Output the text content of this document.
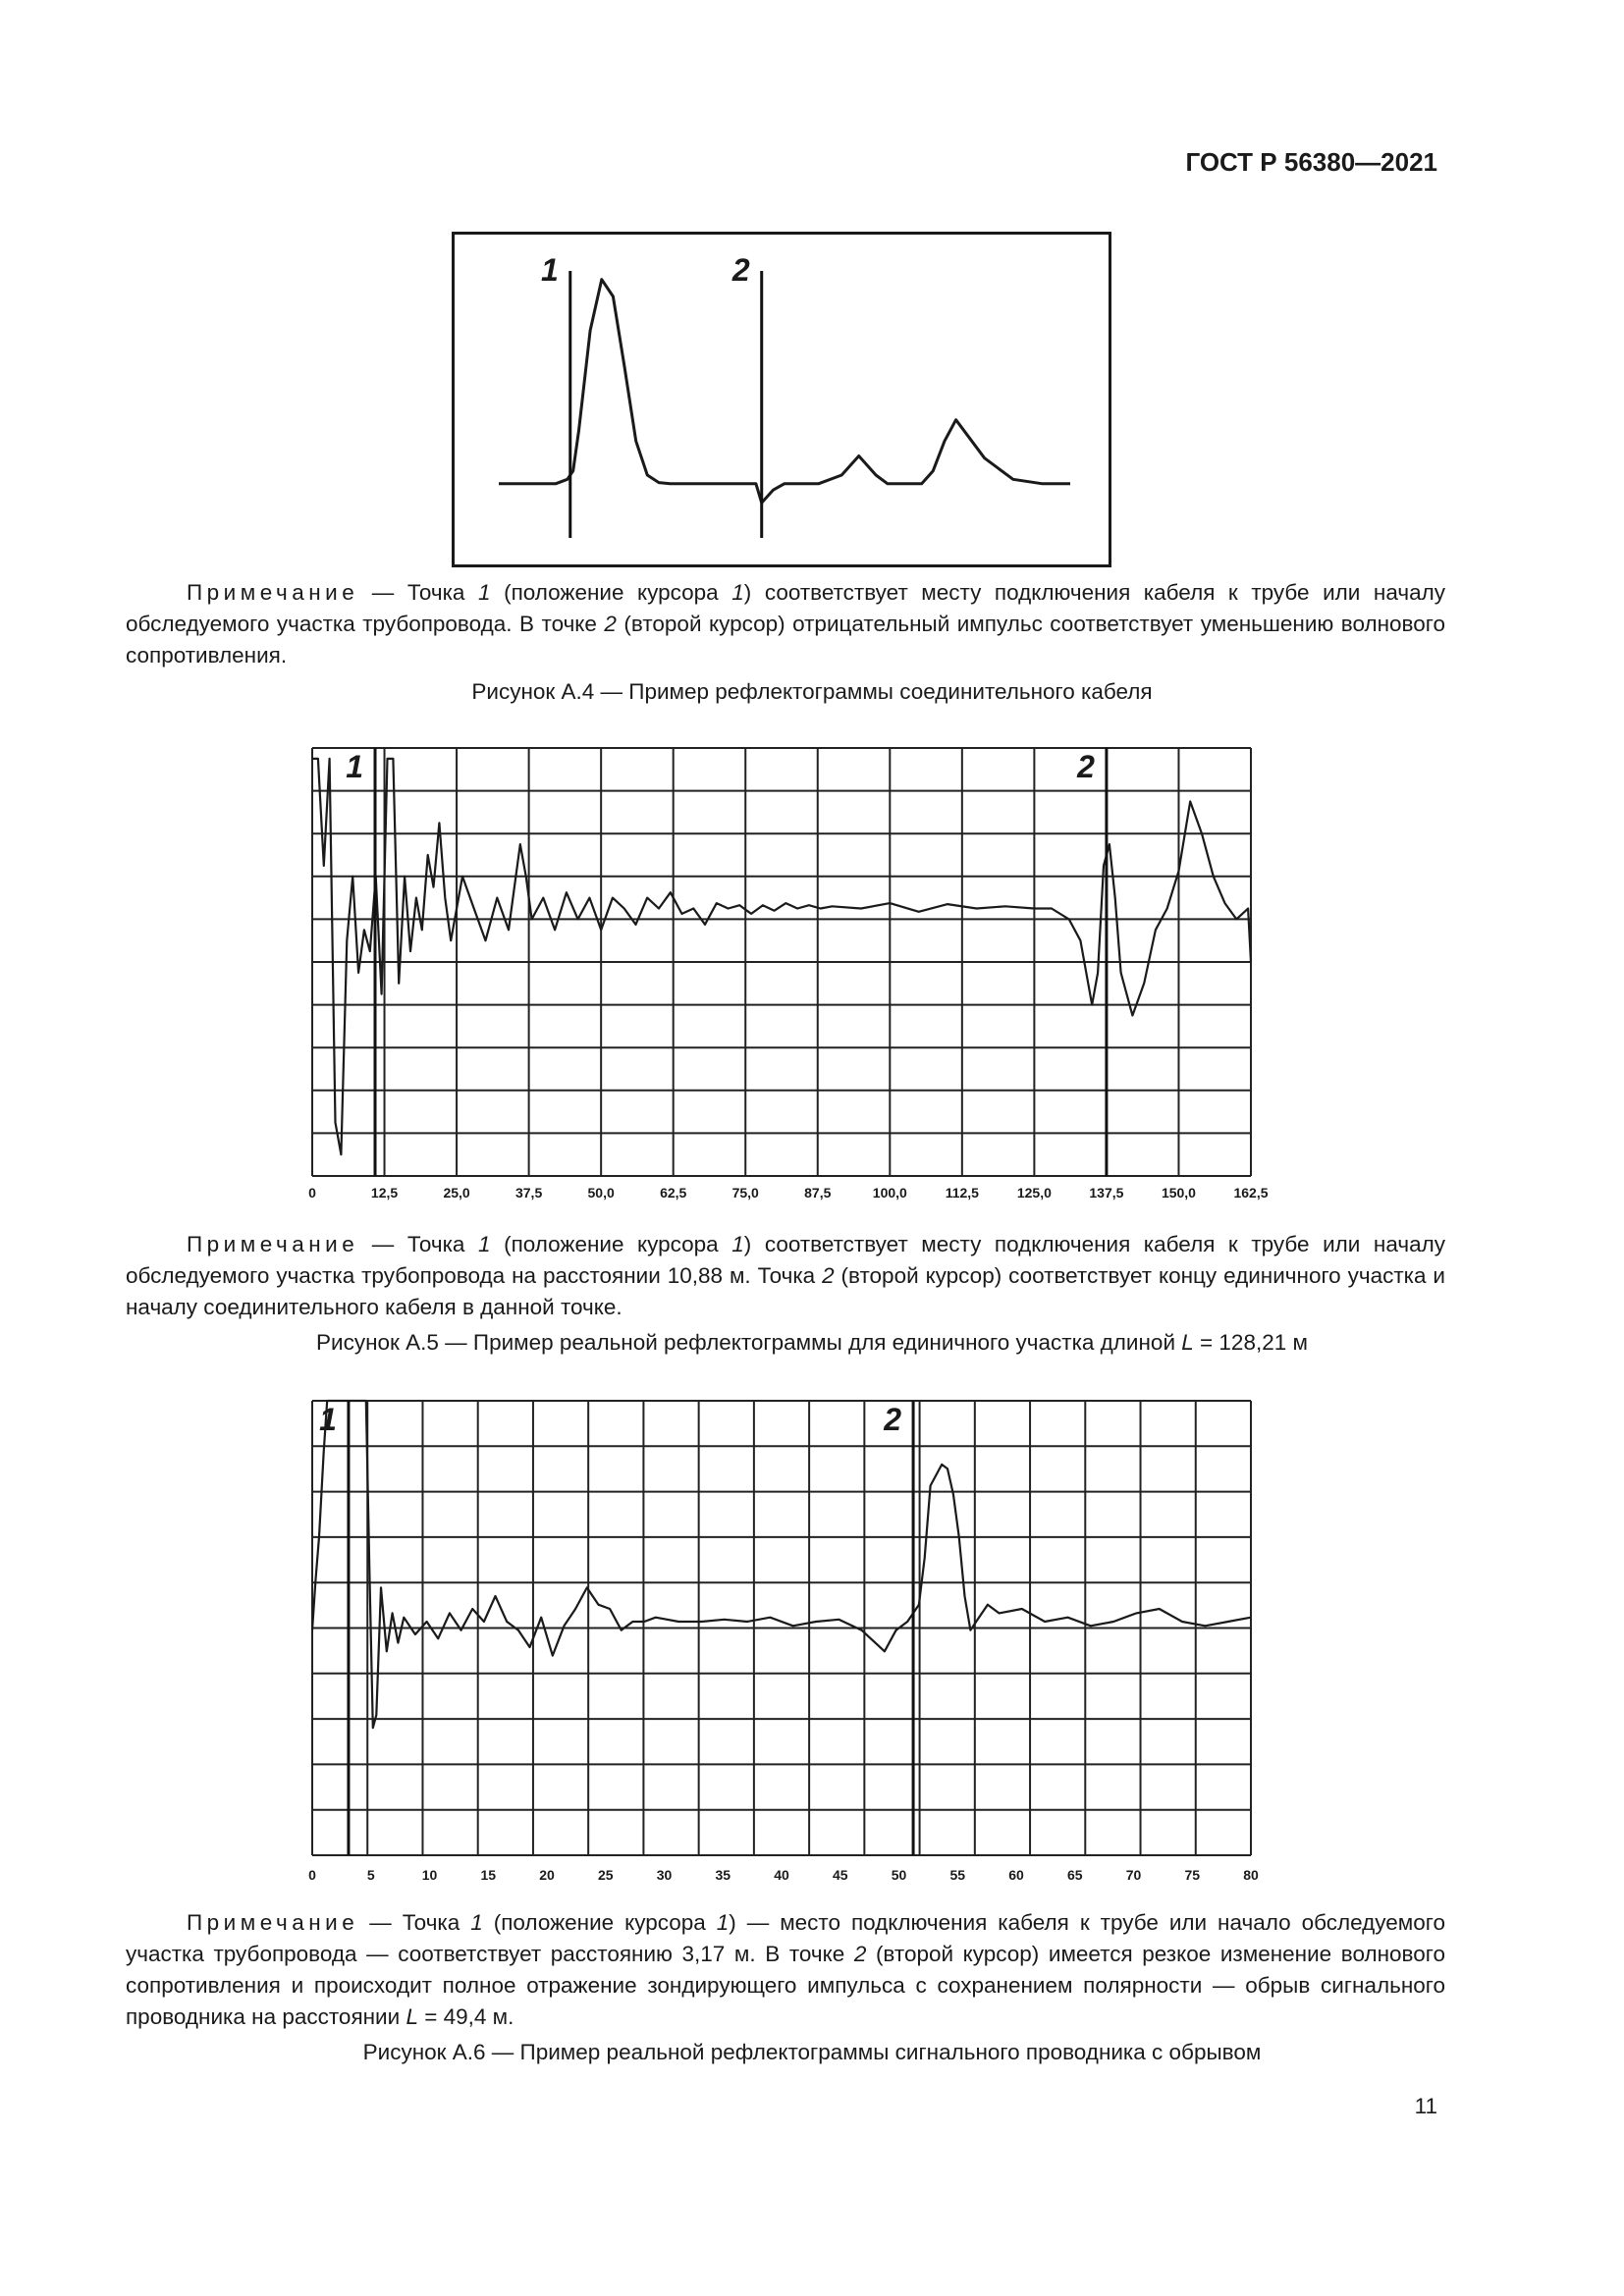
ГОСТ Р 56380—2021
1	2
Примечание — Точка 1 (положение курсора 1) соответствует месту подключения кабеля к трубе или началу обследуемого участка трубопровода. В точке 2 (второй курсор) отрицательный импульс соответствует уменьшению волнового сопротивления.
Рисунок А.4 — Пример рефлектограммы соединительного кабеля
1	2
0	12,5	25,0	37,5	50,0	62,5	75,0	87,5	100,0	112,5	125,0	137,5	150,0	162,5
Примечание — Точка 1 (положение курсора 1) соответствует месту подключения кабеля к трубе или началу обследуемого участка трубопровода на расстоянии 10,88 м. Точка 2 (второй курсор) соответствует концу единичного участка и началу соединительного кабеля в данной точке.
Рисунок А.5 — Пример реальной рефлектограммы для единичного участка длиной L = 128,21 м
1	2
0	5	10	15	20	25	30	35	40	45	50	55	60	65	70	75	80
Примечание — Точка 1 (положение курсора 1) — место подключения кабеля к трубе или начало обследуемого участка трубопровода — соответствует расстоянию 3,17 м. В точке 2 (второй курсор) имеется резкое изменение волнового сопротивления и происходит полное отражение зондирующего импульса с сохранением полярности — обрыв сигнального проводника на расстоянии L = 49,4 м.
Рисунок А.6 — Пример реальной рефлектограммы сигнального проводника с обрывом
11
